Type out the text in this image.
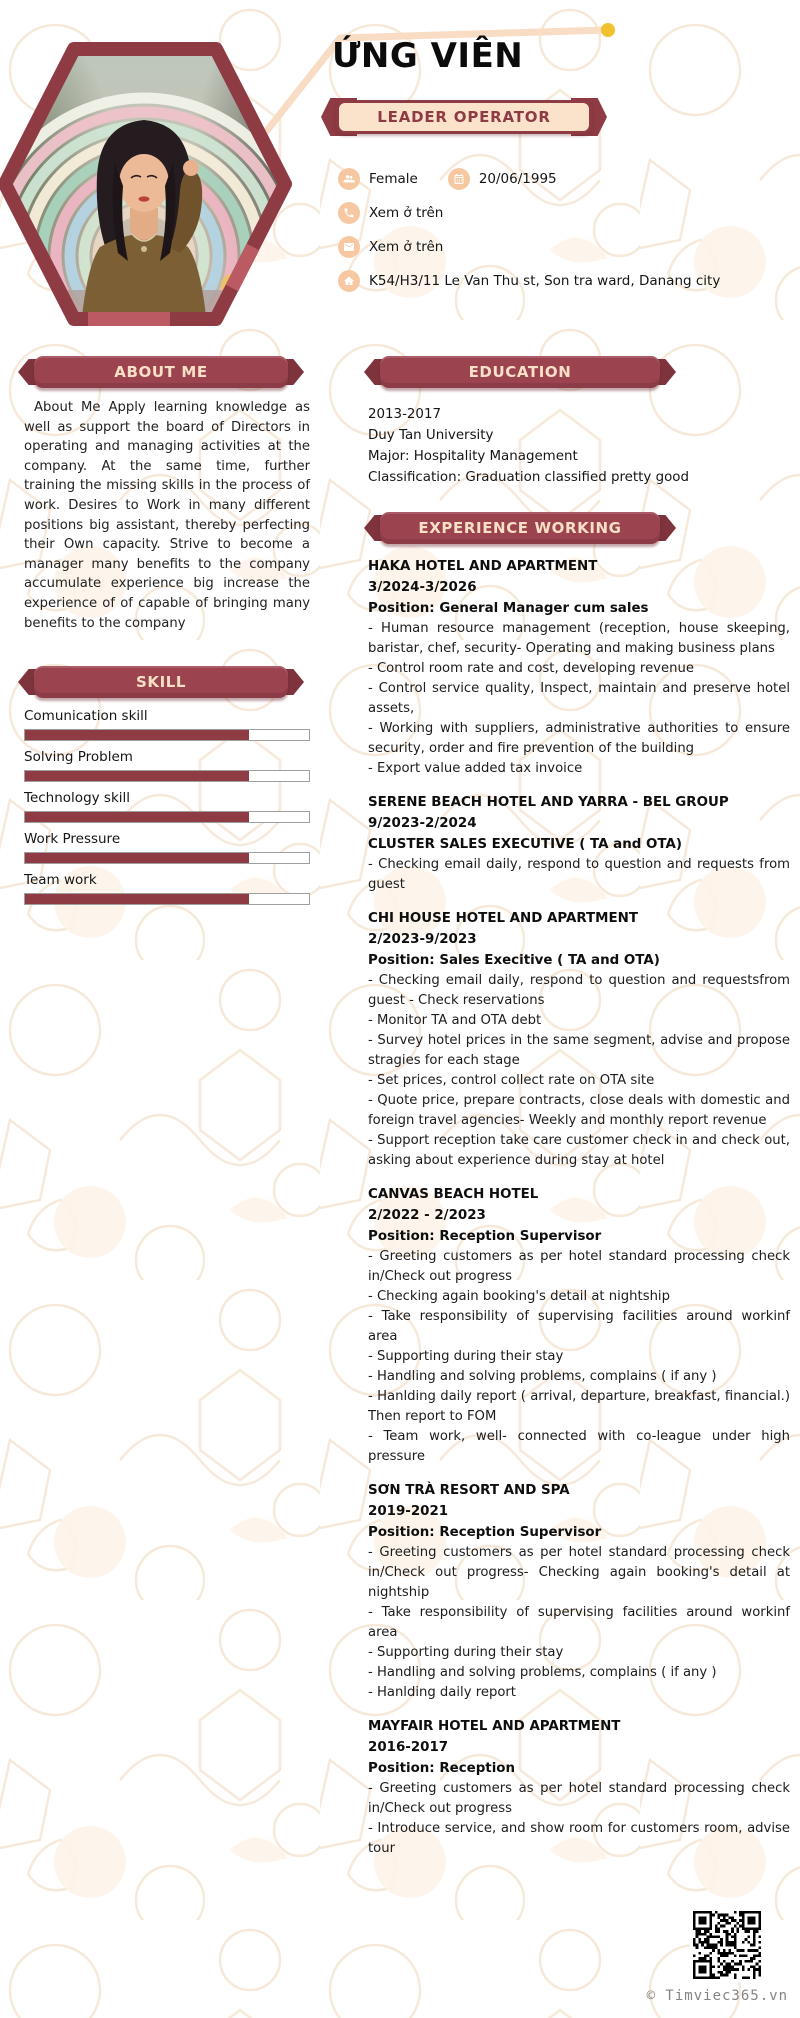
ỨNG VIÊN
LEADER OPERATOR
Female	20/06/1995
Xem ở trên
Xem ở trên
K54/H3/11 Le Van Thu st, Son tra ward, Danang city
ABOUT ME
About Me Apply learning knowledge as well as support the board of Directors in operating and managing activities at the company. At the same time, further training the missing skills in the process of work. Desires to Work in many different positions big assistant, thereby perfecting their Own capacity. Strive to become a manager many benefits to the company accumulate experience big increase the experience of of capable of bringing many benefits to the company
SKILL
Comunication skill
Solving Problem
Technology skill
Work Pressure
Team work
EDUCATION
2013-2017
Duy Tan University
Major: Hospitality Management
Classification: Graduation classified pretty good
EXPERIENCE WORKING
HAKA HOTEL AND APARTMENT
3/2024-3/2026
Position: General Manager cum sales
- Human resource management (reception, house skeeping, baristar, chef, security- Operating and making business plans
- Control room rate and cost, developing revenue
- Control service quality, Inspect, maintain and preserve hotel assets,
- Working with suppliers, administrative authorities to ensure security, order and fire prevention of the building
- Export value added tax invoice
SERENE BEACH HOTEL AND YARRA - BEL GROUP
9/2023-2/2024
CLUSTER SALES EXECUTIVE ( TA and OTA)
- Checking email daily, respond to question and requests from guest
CHI HOUSE HOTEL AND APARTMENT
2/2023-9/2023
Position: Sales Execitive ( TA and OTA)
- Checking email daily, respond to question and requestsfrom guest - Check reservations
- Monitor TA and OTA debt
- Survey hotel prices in the same segment, advise and propose stragies for each stage
- Set prices, control collect rate on OTA site
- Quote price, prepare contracts, close deals with domestic and foreign travel agencies- Weekly and monthly report revenue
- Support reception take care customer check in and check out, asking about experience during stay at hotel
CANVAS BEACH HOTEL
2/2022 - 2/2023
Position: Reception Supervisor
- Greeting customers as per hotel standard processing check in/Check out progress
- Checking again booking's detail at nightship
- Take responsibility of supervising facilities around workinf area
- Supporting during their stay
- Handling and solving problems, complains ( if any )
- Hanlding daily report ( arrival, departure, breakfast, financial.) Then report to FOM
- Team work, well- connected with co-league under high pressure
SƠN TRÀ RESORT AND SPA
2019-2021
Position: Reception Supervisor
- Greeting customers as per hotel standard processing check in/Check out progress- Checking again booking's detail at nightship
- Take responsibility of supervising facilities around workinf area
- Supporting during their stay
- Handling and solving problems, complains ( if any )
- Hanlding daily report
MAYFAIR HOTEL AND APARTMENT
2016-2017
Position: Reception
- Greeting customers as per hotel standard processing check in/Check out progress
- Introduce service, and show room for customers room, advise tour
© Timviec365.vn
